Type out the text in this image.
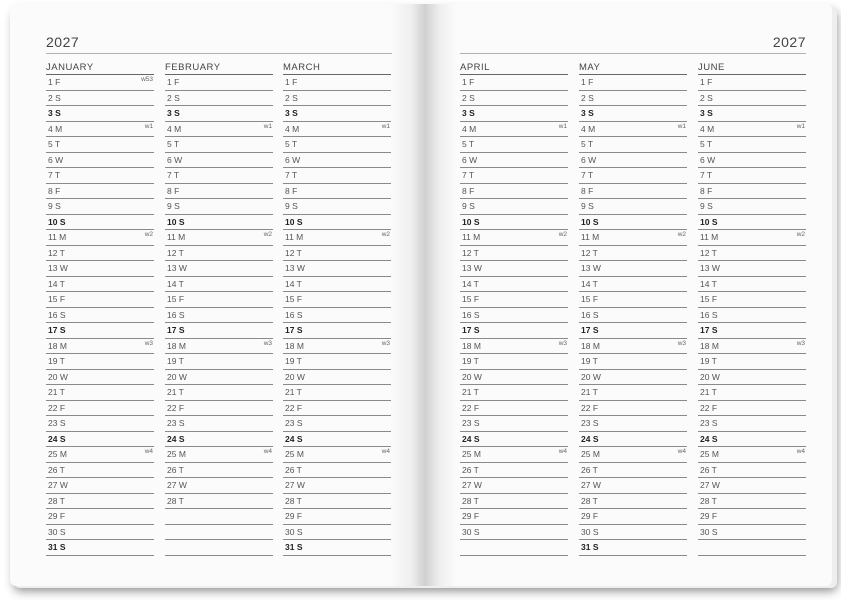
2027
JANUARY
1 F	w53
2 S
3 S
4 M	w1
5 T
6 W
7 T
8 F
9 S
10 S
11 M	w2
12 T
13 W
14 T
15 F
16 S
17 S
18 M	w3
19 T
20 W
21 T
22 F
23 S
24 S
25 M	w4
26 T
27 W
28 T
29 F
30 S
31 S
FEBRUARY
1 F
2 S
3 S
4 M	w1
5 T
6 W
7 T
8 F
9 S
10 S
11 M	w2
12 T
13 W
14 T
15 F
16 S
17 S
18 M	w3
19 T
20 W
21 T
22 F
23 S
24 S
25 M	w4
26 T
27 W
28 T
MARCH
1 F
2 S
3 S
4 M	w1
5 T
6 W
7 T
8 F
9 S
10 S
11 M	w2
12 T
13 W
14 T
15 F
16 S
17 S
18 M	w3
19 T
20 W
21 T
22 F
23 S
24 S
25 M	w4
26 T
27 W
28 T
29 F
30 S
31 S
2027
APRIL
1 F
2 S
3 S
4 M	w1
5 T
6 W
7 T
8 F
9 S
10 S
11 M	w2
12 T
13 W
14 T
15 F
16 S
17 S
18 M	w3
19 T
20 W
21 T
22 F
23 S
24 S
25 M	w4
26 T
27 W
28 T
29 F
30 S
MAY
1 F
2 S
3 S
4 M	w1
5 T
6 W
7 T
8 F
9 S
10 S
11 M	w2
12 T
13 W
14 T
15 F
16 S
17 S
18 M	w3
19 T
20 W
21 T
22 F
23 S
24 S
25 M	w4
26 T
27 W
28 T
29 F
30 S
31 S
JUNE
1 F
2 S
3 S
4 M	w1
5 T
6 W
7 T
8 F
9 S
10 S
11 M	w2
12 T
13 W
14 T
15 F
16 S
17 S
18 M	w3
19 T
20 W
21 T
22 F
23 S
24 S
25 M	w4
26 T
27 W
28 T
29 F
30 S
